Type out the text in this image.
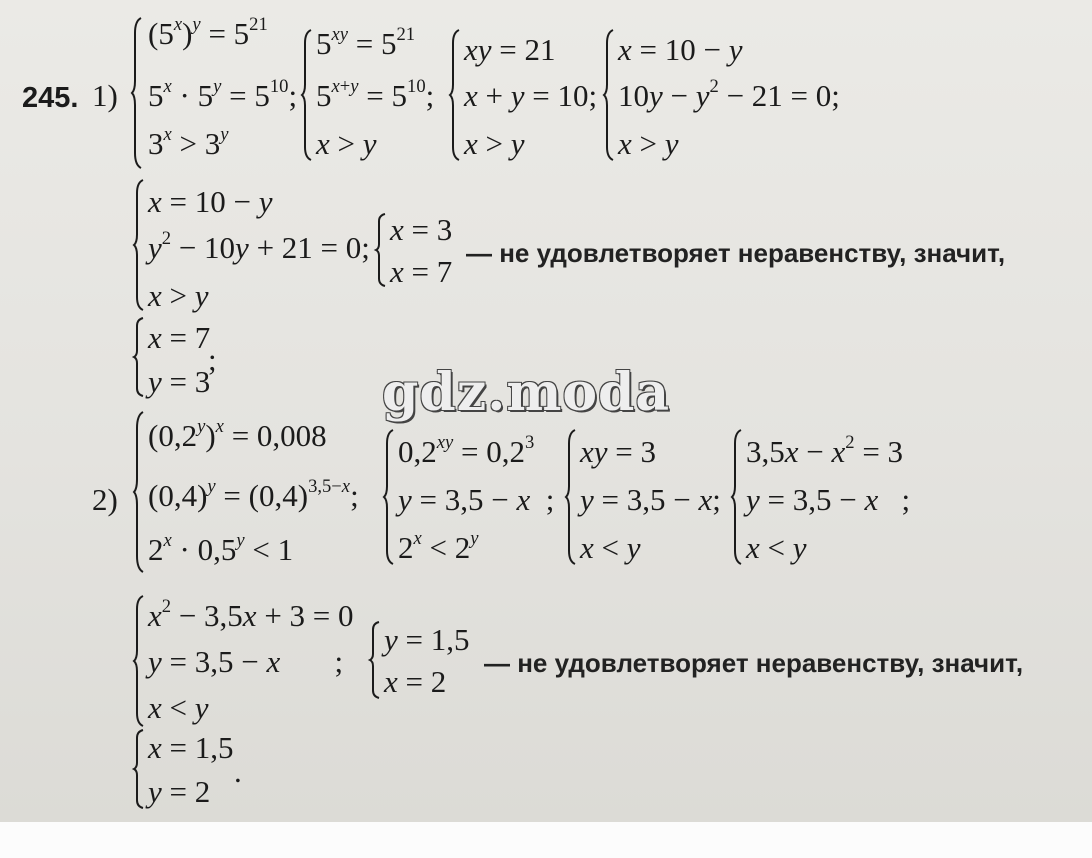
245. 1)
$(5^x)^y = 5^{21}$
$5^x \cdot 5^y = 5^{10}$;
$3^x > 3^y$
$5^{xy} = 5^{21}$
$5^{x+y} = 5^{10}$;
x > y
xy = 21
x + y = 10;
x > y
x = 10 − y
$10y - y^2 - 21 = 0$;
x > y
x = 10 − y
$y^2 - 10y + 21 = 0$;
x > y
x = 3
x = 7
— не удовлетворяет неравенству, значит,
x = 7
y = 3
;
gdz.moda
2)
$(0,2^y)^x = 0,008$
$(0,4)^y = (0,4)^{3,5-x}$;
$2^x \cdot 0,5^y < 1$
$0,2^{xy} = 0,2^3$
y = 3,5 − x  ;
$2^x < 2^y$
xy = 3
y = 3,5 − x;
x < y
$3,5x - x^2 = 3$
y = 3,5 − x   ;
x < y
$x^2 - 3,5x + 3 = 0$
y = 3,5 − x       ;
x < y
y = 1,5
x = 2
— не удовлетворяет неравенству, значит,
x = 1,5
y = 2
.
